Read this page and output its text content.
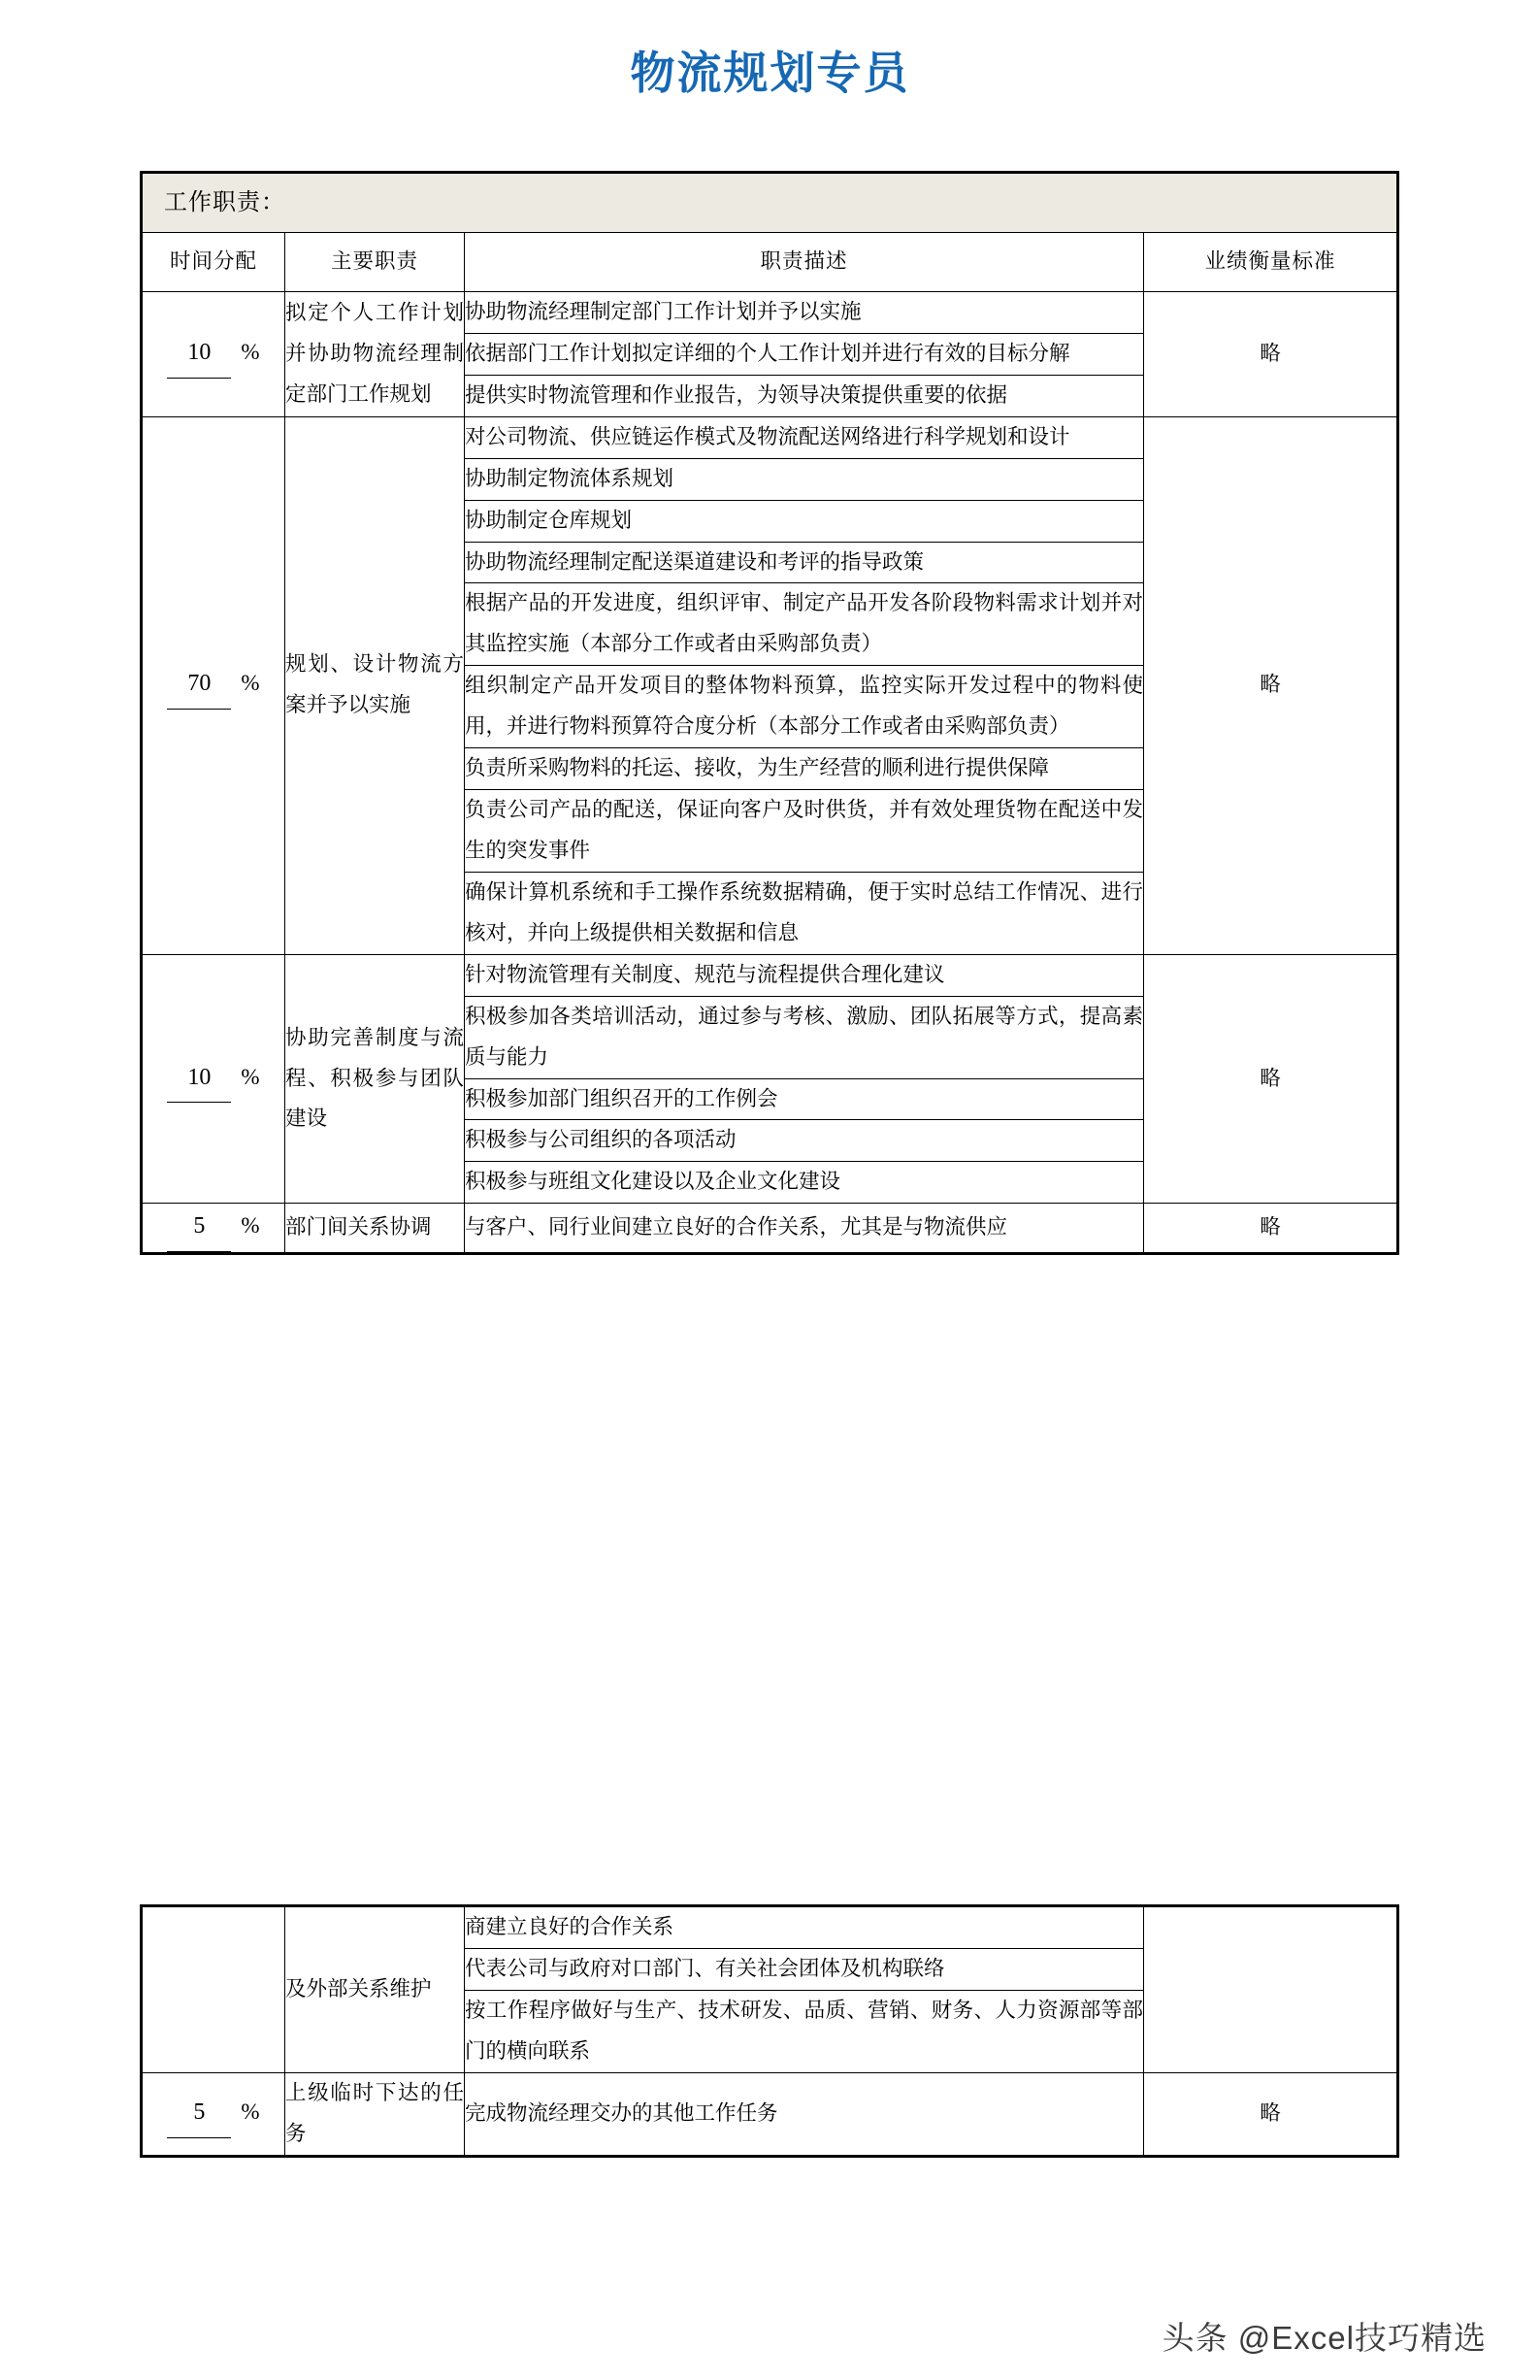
物流规划专员
工作职责：			
时间分配	主要职责	职责描述	业绩衡量标准
10 %	拟定个人工作计划并协助物流经理制定部门工作规划	协助物流经理制定部门工作计划并予以实施	略
		依据部门工作计划拟定详细的个人工作计划并进行有效的目标分解	
		提供实时物流管理和作业报告，为领导决策提供重要的依据	
70 %	规划、设计物流方案并予以实施	对公司物流、供应链运作模式及物流配送网络进行科学规划和设计	略
		协助制定物流体系规划	
		协助制定仓库规划	
		协助物流经理制定配送渠道建设和考评的指导政策	
		根据产品的开发进度，组织评审、制定产品开发各阶段物料需求计划并对其监控实施（本部分工作或者由采购部负责）	
		组织制定产品开发项目的整体物料预算，监控实际开发过程中的物料使用，并进行物料预算符合度分析（本部分工作或者由采购部负责）	
		负责所采购物料的托运、接收，为生产经营的顺利进行提供保障	
		负责公司产品的配送，保证向客户及时供货，并有效处理货物在配送中发生的突发事件	
		确保计算机系统和手工操作系统数据精确，便于实时总结工作情况、进行核对，并向上级提供相关数据和信息	
10 %	协助完善制度与流程、积极参与团队建设	针对物流管理有关制度、规范与流程提供合理化建议	略
		积极参加各类培训活动，通过参与考核、激励、团队拓展等方式，提高素质与能力	
		积极参加部门组织召开的工作例会	
		积极参与公司组织的各项活动	
		积极参与班组文化建设以及企业文化建设	
5 %	部门间关系协调	与客户、同行业间建立良好的合作关系，尤其是与物流供应	略
	及外部关系维护	商建立良好的合作关系	
		代表公司与政府对口部门、有关社会团体及机构联络	
		按工作程序做好与生产、技术研发、品质、营销、财务、人力资源部等部门的横向联系	
5 %	上级临时下达的任务	完成物流经理交办的其他工作任务	略
头条 @Excel技巧精选
